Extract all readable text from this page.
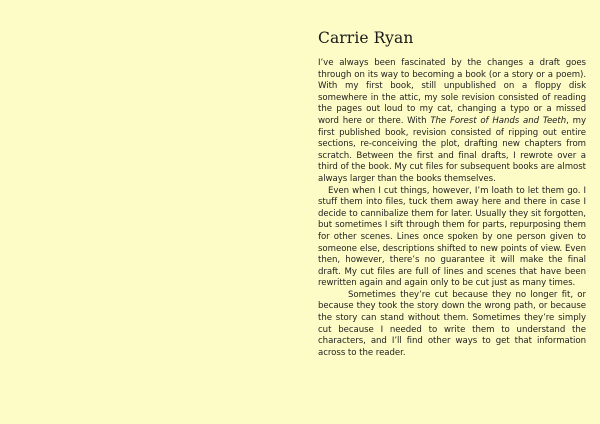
Carrie Ryan

I’ve always been fascinated by the changes a draft goes through on its way to becoming a book (or a story or a poem). With my first book, still unpublished on a floppy disk somewhere in the attic, my sole revision consisted of reading the pages out loud to my cat, changing a typo or a missed word here or there. With The Forest of Hands and Teeth, my first published book, revision consisted of ripping out entire sections, re-conceiving the plot, drafting new chapters from scratch. Between the first and final drafts, I rewrote over a third of the book. My cut files for subsequent books are almost always larger than the books themselves.

Even when I cut things, however, I’m loath to let them go. I stuff them into files, tuck them away here and there in case I decide to cannibalize them for later. Usually they sit forgotten, but sometimes I sift through them for parts, repurposing them for other scenes. Lines once spoken by one person given to someone else, descriptions shifted to new points of view. Even then, however, there’s no guarantee it will make the final draft. My cut files are full of lines and scenes that have been rewritten again and again only to be cut just as many times.

Sometimes they’re cut because they no longer fit, or because they took the story down the wrong path, or because the story can stand without them. Sometimes they’re simply cut because I needed to write them to understand the characters, and I’ll find other ways to get that information across to the reader.
